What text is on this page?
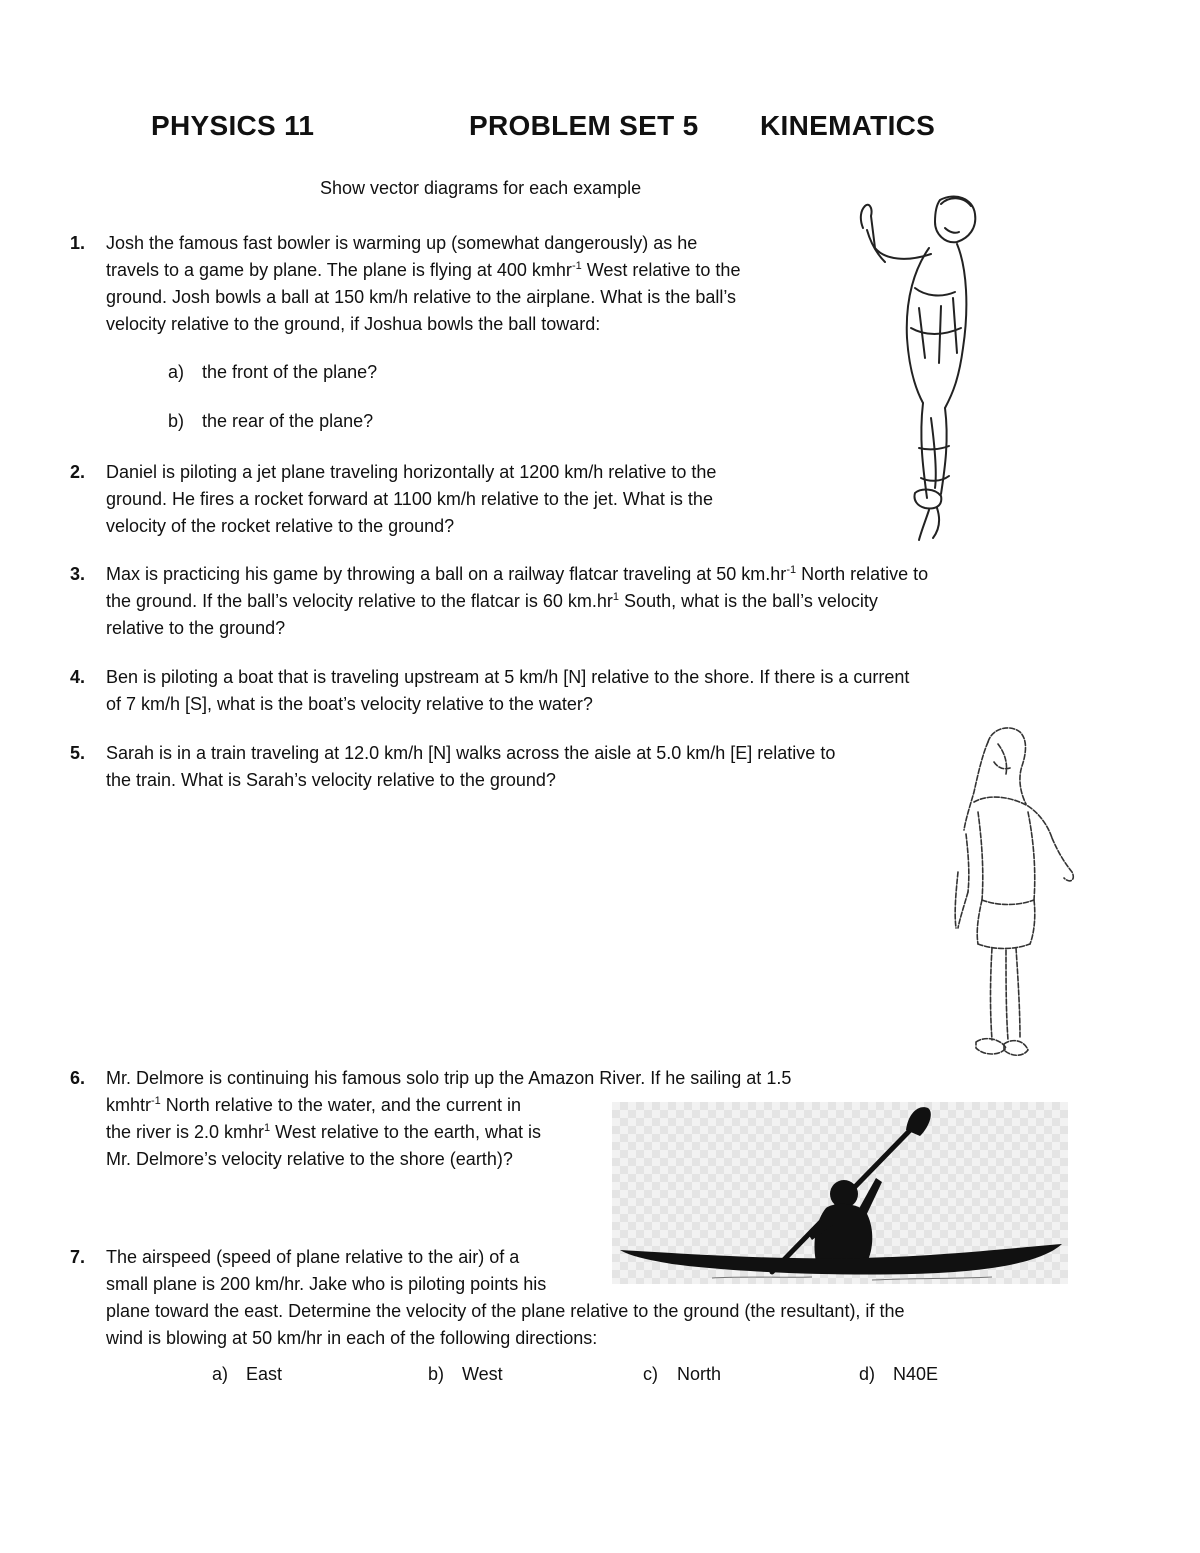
PHYSICS 11	PROBLEM SET 5 KINEMATICS
Show vector diagrams for each example
1. Josh the famous fast bowler is warming up (somewhat dangerously) as he
travels to a game by plane. The plane is flying at 400 kmhr$^{-1}$ West relative to the
ground. Josh bowls a ball at 150 km/h relative to the airplane. What is the ball’s
velocity relative to the ground, if Joshua bowls the ball toward:
a) the front of the plane?
b) the rear of the plane?
2. Daniel is piloting a jet plane traveling horizontally at 1200 km/h relative to the
ground. He fires a rocket forward at 1100 km/h relative to the jet. What is the
velocity of the rocket relative to the ground?
3. Max is practicing his game by throwing a ball on a railway flatcar traveling at 50 $km.hr^{-1}$ North relative to
the ground. If the ball’s velocity relative to the flatcar is 60 $km.hr^1$ South, what is the ball’s velocity
relative to the ground?
4. Ben is piloting a boat that is traveling upstream at 5 km/h [N] relative to the shore. If there is a current
of 7 km/h [S], what is the boat’s velocity relative to the water?
5. Sarah is in a train traveling at 12.0 km/h [N] walks across the aisle at 5.0 km/h [E] relative to
the train. What is Sarah’s velocity relative to the ground?
6. Mr. Delmore is continuing his famous solo trip up the Amazon River. If he sailing at 1.5
kmhtr$^{-1}$ North relative to the water, and the current in
the river is 2.0 kmhr$^1$ West relative to the earth, what is
Mr. Delmore’s velocity relative to the shore (earth)?
7. The airspeed (speed of plane relative to the air) of a
small plane is 200 km/hr. Jake who is piloting points his
plane toward the east. Determine the velocity of the plane relative to the ground (the resultant), if the
wind is blowing at 50 km/hr in each of the following directions:
a) East	b) West	c) North	d) N40E
